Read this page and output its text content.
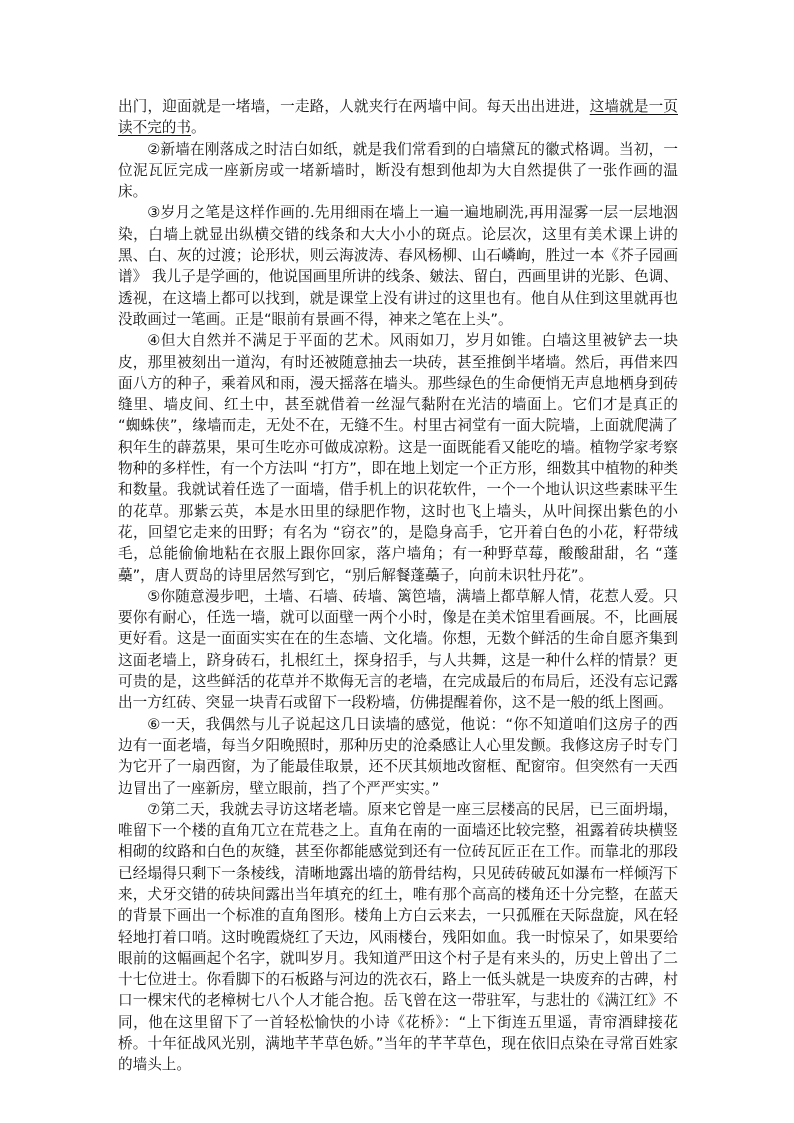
出门，迎面就是一堵墙，一走路，人就夹行在两墙中间。每天出出进进，这墙就是一页读不完的书。

②新墙在刚落成之时洁白如纸，就是我们常看到的白墙黛瓦的徽式格调。当初，一位泥瓦匠完成一座新房或一堵新墙时，断没有想到他却为大自然提供了一张作画的温床。

③岁月之笔是这样作画的.先用细雨在墙上一遍一遍地刷洗,再用湿雾一层一层地洇染，白墙上就显出纵横交错的线条和大大小小的斑点。论层次，这里有美术课上讲的黑、白、灰的过渡；论形状，则云海波涛、春风杨柳、山石嶙峋，胜过一本《芥子园画谱》 我儿子是学画的，他说国画里所讲的线条、皴法、留白，西画里讲的光影、色调、透视，在这墙上都可以找到，就是课堂上没有讲过的这里也有。他自从住到这里就再也没敢画过一笔画。正是“眼前有景画不得，神来之笔在上头”。

④但大自然并不满足于平面的艺术。风雨如刀，岁月如锥。白墙这里被铲去一块皮，那里被刻出一道沟，有时还被随意抽去一块砖，甚至推倒半堵墙。然后，再借来四面八方的种子，乘着风和雨，漫天摇落在墙头。那些绿色的生命便悄无声息地栖身到砖缝里、墙皮间、红土中，甚至就借着一丝湿气黏附在光洁的墙面上。它们才是真正的 “蜘蛛侠”，缘墙而走，无处不在，无缝不生。村里古祠堂有一面大院墙，上面就爬满了积年生的薜荔果，果可生吃亦可做成凉粉。这是一面既能看又能吃的墙。植物学家考察物种的多样性，有一个方法叫 “打方”，即在地上划定一个正方形，细数其中植物的种类和数量。我就试着任选了一面墙，借手机上的识花软件，一个一个地认识这些素昧平生的花草。那紫云英，本是水田里的绿肥作物，这时也飞上墙头，从叶间探出紫色的小花，回望它走来的田野；有名为 “窃衣”的，是隐身高手，它开着白色的小花，籽带绒毛，总能偷偷地粘在衣服上跟你回家，落户墙角；有一种野草莓，酸酸甜甜，名 “蓬蘽”，唐人贾岛的诗里居然写到它，“别后解餐蓬蘽子，向前未识牡丹花”。

⑤你随意漫步吧，土墙、石墙、砖墙、篱笆墙，满墙上都草解人情，花惹人爱。只要你有耐心，任选一墙，就可以面壁一两个小时，像是在美术馆里看画展。不，比画展更好看。这是一面面实实在在的生态墙、文化墙。你想，无数个鲜活的生命自愿齐集到这面老墙上，跻身砖石，扎根红土，探身招手，与人共舞，这是一种什么样的情景？更可贵的是，这些鲜活的花草并不欺侮无言的老墙，在完成最后的布局后，还没有忘记露出一方红砖、突显一块青石或留下一段粉墙，仿佛提醒着你，这不是一般的纸上图画。

⑥一天，我偶然与儿子说起这几日读墙的感觉，他说：“你不知道咱们这房子的西边有一面老墙，每当夕阳晚照时，那种历史的沧桑感让人心里发颤。我修这房子时专门为它开了一扇西窗，为了能最佳取景，还不厌其烦地改窗框、配窗帘。但突然有一天西边冒出了一座新房，壁立眼前，挡了个严严实实。”

⑦第二天，我就去寻访这堵老墙。原来它曾是一座三层楼高的民居，已三面坍塌，唯留下一个楼的直角兀立在荒巷之上。直角在南的一面墙还比较完整，祖露着砖块横竖相砌的纹路和白色的灰缝，甚至你都能感觉到还有一位砖瓦匠正在工作。而靠北的那段已经塌得只剩下一条棱线，清晰地露出墙的筋骨结构，只见砖砖破瓦如瀑布一样倾泻下来，犬牙交错的砖块间露出当年填充的红土，唯有那个高高的楼角还十分完整，在蓝天的背景下画出一个标准的直角图形。楼角上方白云来去，一只孤雁在天际盘旋，风在轻轻地打着口哨。这时晚霞烧红了天边，风雨楼台，残阳如血。我一时惊呆了，如果要给眼前的这幅画起个名字，就叫岁月。我知道严田这个村子是有来头的，历史上曾出了二十七位进士。你看脚下的石板路与河边的洗衣石，路上一低头就是一块废弃的古碑，村口一棵宋代的老樟树七八个人才能合抱。岳飞曾在这一带驻军，与悲壮的《满江红》不同，他在这里留下了一首轻松愉快的小诗《花桥》：“上下街连五里遥，青帘酒肆接花桥。十年征战风光别，满地芊芊草色娇。”当年的芊芊草色，现在依旧点染在寻常百姓家的墙头上。
